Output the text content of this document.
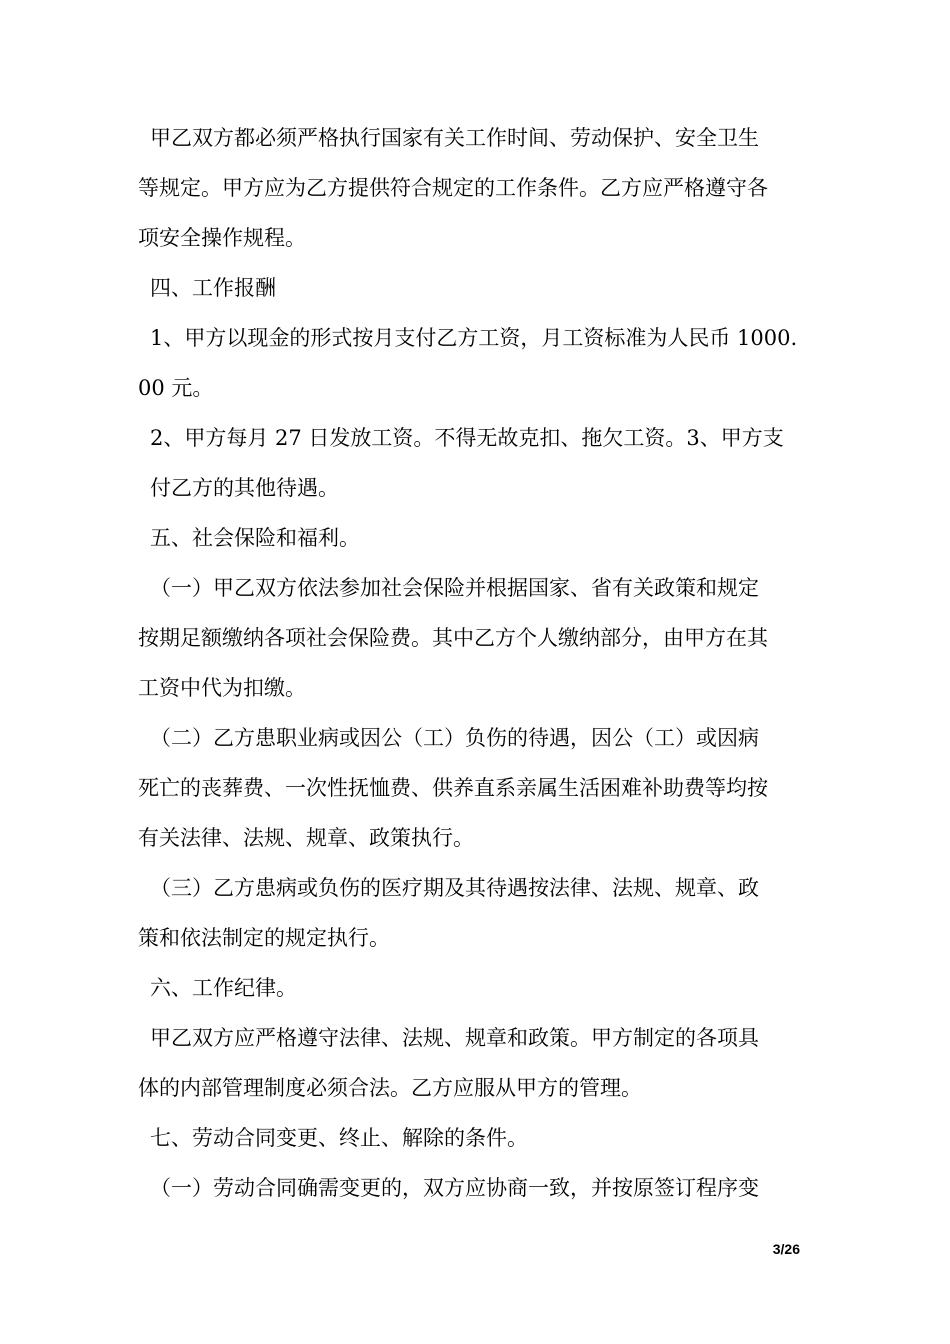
甲乙双方都必须严格执行国家有关工作时间、劳动保护、安全卫生
等规定。甲方应为乙方提供符合规定的工作条件。乙方应严格遵守各
项安全操作规程。
四、工作报酬
1、甲方以现金的形式按月支付乙方工资，月工资标准为人民币 1000.
00 元。
2、甲方每月 27 日发放工资。不得无故克扣、拖欠工资。3、甲方支
付乙方的其他待遇。
五、社会保险和福利。
（一）甲乙双方依法参加社会保险并根据国家、省有关政策和规定
按期足额缴纳各项社会保险费。其中乙方个人缴纳部分，由甲方在其
工资中代为扣缴。
（二）乙方患职业病或因公（工）负伤的待遇，因公（工）或因病
死亡的丧葬费、一次性抚恤费、供养直系亲属生活困难补助费等均按
有关法律、法规、规章、政策执行。
（三）乙方患病或负伤的医疗期及其待遇按法律、法规、规章、政
策和依法制定的规定执行。
六、工作纪律。
甲乙双方应严格遵守法律、法规、规章和政策。甲方制定的各项具
体的内部管理制度必须合法。乙方应服从甲方的管理。
七、劳动合同变更、终止、解除的条件。
（一）劳动合同确需变更的，双方应协商一致，并按原签订程序变
3/26
